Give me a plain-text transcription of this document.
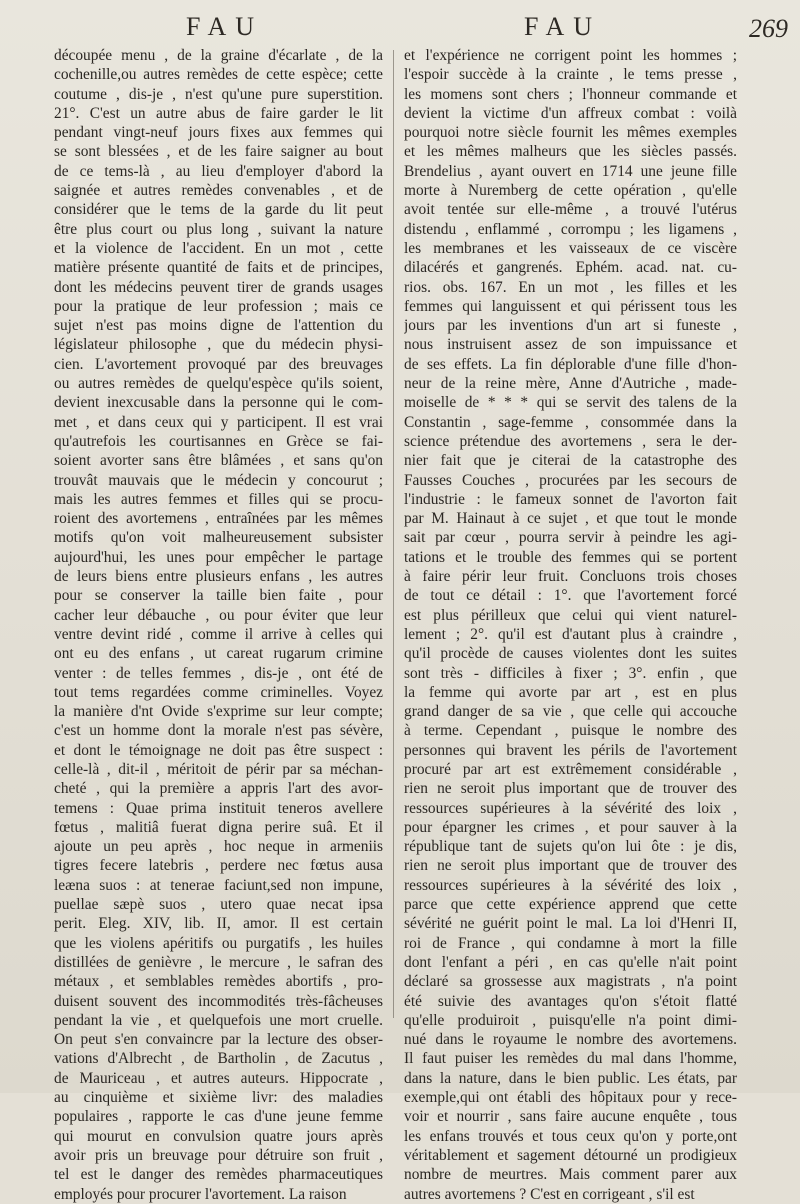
FAU	FAU	269
découpée menu , de la graine d'écarlate , de la
cochenille,ou autres remèdes de cette espèce; cette
coutume , dis-je , n'est qu'une pure superstition.
21°. C'est un autre abus de faire garder le lit
pendant vingt-neuf jours fixes aux femmes qui
se sont blessées , et de les faire saigner au bout
de ce tems-là , au lieu d'employer d'abord la
saignée et autres remèdes convenables , et de
considérer que le tems de la garde du lit peut
être plus court ou plus long , suivant la nature
et la violence de l'accident. En un mot , cette
matière présente quantité de faits et de principes,
dont les médecins peuvent tirer de grands usages
pour la pratique de leur profession ; mais ce
sujet n'est pas moins digne de l'attention du
législateur philosophe , que du médecin physi-
cien. L'avortement provoqué par des breuvages
ou autres remèdes de quelqu'espèce qu'ils soient,
devient inexcusable dans la personne qui le com-
met , et dans ceux qui y participent. Il est vrai
qu'autrefois les courtisannes en Grèce se fai-
soient avorter sans être blâmées , et sans qu'on
trouvât mauvais que le médecin y concourut ;
mais les autres femmes et filles qui se procu-
roient des avortemens , entraînées par les mêmes
motifs qu'on voit malheureusement subsister
aujourd'hui, les unes pour empêcher le partage
de leurs biens entre plusieurs enfans , les autres
pour se conserver la taille bien faite , pour
cacher leur débauche , ou pour éviter que leur
ventre devint ridé , comme il arrive à celles qui
ont eu des enfans , ut careat rugarum crimine
venter : de telles femmes , dis-je , ont été de
tout tems regardées comme criminelles. Voyez
la manière d'nt Ovide s'exprime sur leur compte;
c'est un homme dont la morale n'est pas sévère,
et dont le témoignage ne doit pas être suspect :
celle-là , dit-il , méritoit de périr par sa méchan-
cheté , qui la première a appris l'art des avor-
temens : Quae prima instituit teneros avellere
fœtus , malitiâ fuerat digna perire suâ. Et il
ajoute un peu après , hoc neque in armeniis
tigres fecere latebris , perdere nec fœtus ausa
leæna suos : at tenerae faciunt,sed non impune,
puellae sæpè suos , utero quae necat ipsa
perit. Eleg. XIV, lib. II, amor. Il est certain
que les violens apéritifs ou purgatifs , les huiles
distillées de genièvre , le mercure , le safran des
métaux , et semblables remèdes abortifs , pro-
duisent souvent des incommodités très-fâcheuses
pendant la vie , et quelquefois une mort cruelle.
On peut s'en convaincre par la lecture des obser-
vations d'Albrecht , de Bartholin , de Zacutus ,
de Mauriceau , et autres auteurs. Hippocrate ,
au cinquième et sixième livr: des maladies
populaires , rapporte le cas d'une jeune femme
qui mourut en convulsion quatre jours après
avoir pris un breuvage pour détruire son fruit ,
tel est le danger des remèdes pharmaceutiques
employés pour procurer l'avortement. La raison
et l'expérience ne corrigent point les hommes ;
l'espoir succède à la crainte , le tems presse ,
les momens sont chers ; l'honneur commande et
devient la victime d'un affreux combat : voilà
pourquoi notre siècle fournit les mêmes exemples
et les mêmes malheurs que les siècles passés.
Brendelius , ayant ouvert en 1714 une jeune fille
morte à Nuremberg de cette opération , qu'elle
avoit tentée sur elle-même , a trouvé l'utérus
distendu , enflammé , corrompu ; les ligamens ,
les membranes et les vaisseaux de ce viscère
dilacérés et gangrenés. Ephém. acad. nat. cu-
rios. obs. 167. En un mot , les filles et les
femmes qui languissent et qui périssent tous les
jours par les inventions d'un art si funeste ,
nous instruisent assez de son impuissance et
de ses effets. La fin déplorable d'une fille d'hon-
neur de la reine mère, Anne d'Autriche , made-
moiselle de * * * qui se servit des talens de la
Constantin , sage-femme , consommée dans la
science prétendue des avortemens , sera le der-
nier fait que je citerai de la catastrophe des
Fausses Couches , procurées par les secours de
l'industrie : le fameux sonnet de l'avorton fait
par M. Hainaut à ce sujet , et que tout le monde
sait par cœur , pourra servir à peindre les agi-
tations et le trouble des femmes qui se portent
à faire périr leur fruit. Concluons trois choses
de tout ce détail : 1°. que l'avortement forcé
est plus périlleux que celui qui vient naturel-
lement ; 2°. qu'il est d'autant plus à craindre ,
qu'il procède de causes violentes dont les suites
sont très - difficiles à fixer ; 3°. enfin , que
la femme qui avorte par art , est en plus
grand danger de sa vie , que celle qui accouche
à terme. Cependant , puisque le nombre des
personnes qui bravent les périls de l'avortement
procuré par art est extrêmement considérable ,
rien ne seroit plus important que de trouver des
ressources supérieures à la sévérité des loix ,
pour épargner les crimes , et pour sauver à la
république tant de sujets qu'on lui ôte : je dis,
rien ne seroit plus important que de trouver des
ressources supérieures à la sévérité des loix ,
parce que cette expérience apprend que cette
sévérité ne guérit point le mal. La loi d'Henri II,
roi de France , qui condamne à mort la fille
dont l'enfant a péri , en cas qu'elle n'ait point
déclaré sa grossesse aux magistrats , n'a point
été suivie des avantages qu'on s'étoit flatté
qu'elle produiroit , puisqu'elle n'a point dimi-
nué dans le royaume le nombre des avortemens.
Il faut puiser les remèdes du mal dans l'homme,
dans la nature, dans le bien public. Les états, par
exemple,qui ont établi des hôpitaux pour y rece-
voir et nourrir , sans faire aucune enquête , tous
les enfans trouvés et tous ceux qu'on y porte,ont
véritablement et sagement détourné un prodigieux
nombre de meurtres. Mais comment parer aux
autres avortemens ? C'est en corrigeant , s'il est
